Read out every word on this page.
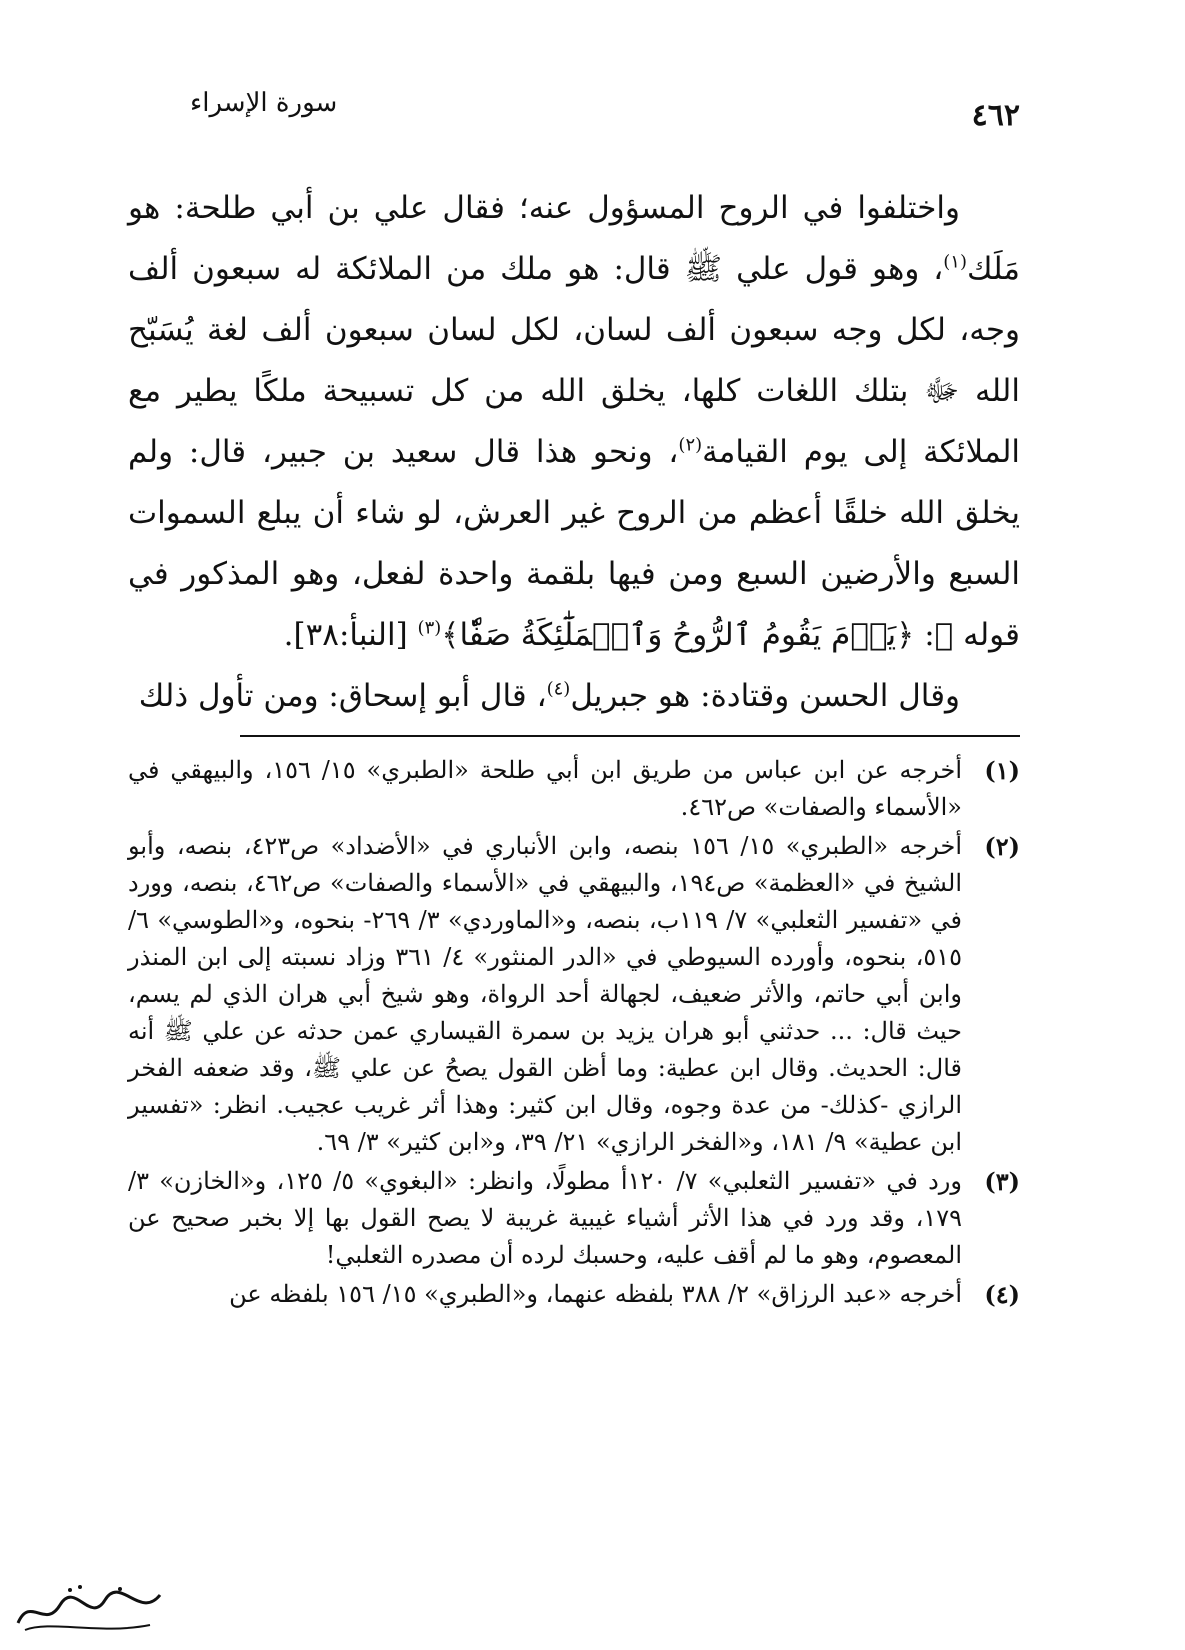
٤٦٢
سورة الإسراء

واختلفوا في الروح المسؤول عنه؛ فقال علي بن أبي طلحة: هو مَلَك$^{(١)}$، وهو قول علي ﷺ قال: هو ملك من الملائكة له سبعون ألف وجه، لكل وجه سبعون ألف لسان، لكل لسان سبعون ألف لغة يُسَبّح الله ﷻ بتلك اللغات كلها، يخلق الله من كل تسبيحة ملكًا يطير مع الملائكة إلى يوم القيامة$^{(٢)}$، ونحو هذا قال سعيد بن جبير، قال: ولم يخلق الله خلقًا أعظم من الروح غير العرش، لو شاء أن يبلع السموات السبع والأرضين السبع ومن فيها بلقمة واحدة لفعل، وهو المذكور في قوله ﷻ: ﴿يَوۡمَ يَقُومُ ٱلرُّوحُ وَٱلۡمَلَٰٓئِكَةُ صَفّٗا﴾$^{(٣)}$ [النبأ:٣٨].

وقال الحسن وقتادة: هو جبريل$^{(٤)}$، قال أبو إسحاق: ومن تأول ذلك

(١)
أخرجه عن ابن عباس من طريق ابن أبي طلحة «الطبري» ١٥/ ١٥٦، والبيهقي في «الأسماء والصفات» ص٤٦٢.
(٢)
أخرجه «الطبري» ١٥/ ١٥٦ بنصه، وابن الأنباري في «الأضداد» ص٤٢٣، بنصه، وأبو الشيخ في «العظمة» ص١٩٤، والبيهقي في «الأسماء والصفات» ص٤٦٢، بنصه، وورد في «تفسير الثعلبي» ٧/ ١١٩ب، بنصه، و«الماوردي» ٣/ ٢٦٩- بنحوه، و«الطوسي» ٦/ ٥١٥، بنحوه، وأورده السيوطي في «الدر المنثور» ٤/ ٣٦١ وزاد نسبته إلى ابن المنذر وابن أبي حاتم، والأثر ضعيف، لجهالة أحد الرواة، وهو شيخ أبي هران الذي لم يسم، حيث قال: ... حدثني أبو هران يزيد بن سمرة القيساري عمن حدثه عن علي ﷺ أنه قال: الحديث. وقال ابن عطية: وما أظن القول يصحُ عن علي ﷺ، وقد ضعفه الفخر الرازي -كذلك- من عدة وجوه، وقال ابن كثير: وهذا أثر غريب عجيب. انظر: «تفسير ابن عطية» ٩/ ١٨١، و«الفخر الرازي» ٢١/ ٣٩، و«ابن كثير» ٣/ ٦٩.
(٣)
ورد في «تفسير الثعلبي» ٧/ ١٢٠أ مطولًا، وانظر: «البغوي» ٥/ ١٢٥، و«الخازن» ٣/ ١٧٩، وقد ورد في هذا الأثر أشياء غيبية غريبة لا يصح القول بها إلا بخبر صحيح عن المعصوم، وهو ما لم أقف عليه، وحسبك لرده أن مصدره الثعلبي!
(٤)
أخرجه «عبد الرزاق» ٢/ ٣٨٨ بلفظه عنهما، و«الطبري» ١٥/ ١٥٦ بلفظه عن
